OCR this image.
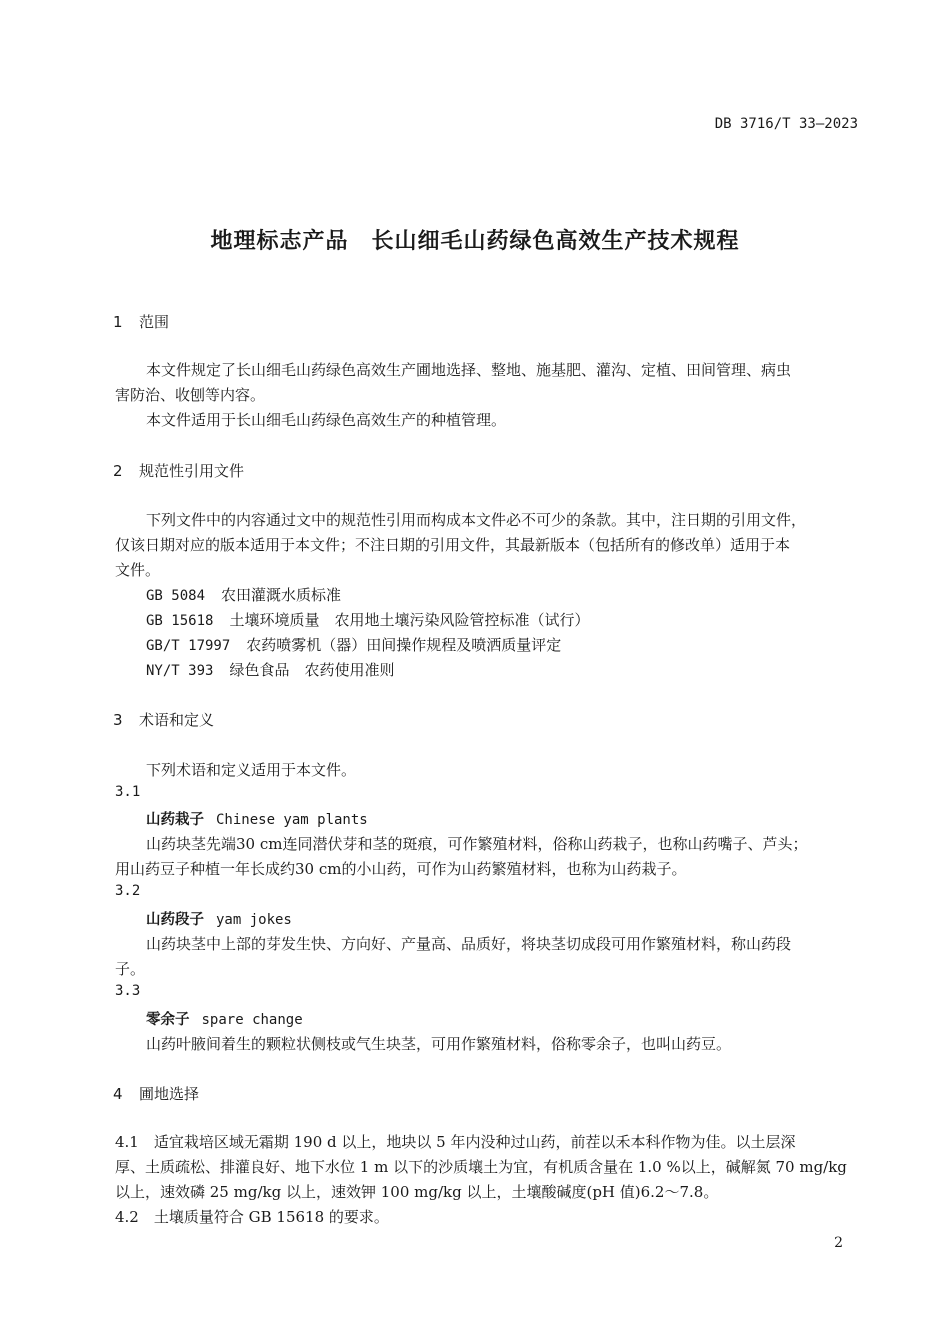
DB 3716/T 33—2023
地理标志产品　长山细毛山药绿色高效生产技术规程
1 范围
本文件规定了长山细毛山药绿色高效生产圃地选择、整地、施基肥、灌沟、定植、田间管理、病虫
害防治、收刨等内容。
本文件适用于长山细毛山药绿色高效生产的种植管理。
2 规范性引用文件
下列文件中的内容通过文中的规范性引用而构成本文件必不可少的条款。其中，注日期的引用文件，
仅该日期对应的版本适用于本文件；不注日期的引用文件，其最新版本（包括所有的修改单）适用于本
文件。
GB 5084 农田灌溉水质标准
GB 15618 土壤环境质量　农用地土壤污染风险管控标准（试行）
GB/T 17997 农药喷雾机（器）田间操作规程及喷洒质量评定
NY/T 393 绿色食品　农药使用准则
3 术语和定义
下列术语和定义适用于本文件。
3.1
山药栽子 Chinese yam plants
山药块茎先端30 cm连同潜伏芽和茎的斑痕，可作繁殖材料，俗称山药栽子，也称山药嘴子、芦头；
用山药豆子种植一年长成约30 cm的小山药，可作为山药繁殖材料，也称为山药栽子。
3.2
山药段子 yam jokes
山药块茎中上部的芽发生快、方向好、产量高、品质好，将块茎切成段可用作繁殖材料，称山药段
子。
3.3
零余子 spare change
山药叶腋间着生的颗粒状侧枝或气生块茎，可用作繁殖材料，俗称零余子，也叫山药豆。
4 圃地选择
4.1　适宜栽培区域无霜期 190 d 以上，地块以 5 年内没种过山药，前茬以禾本科作物为佳。以土层深
厚、土质疏松、排灌良好、地下水位 1 m 以下的沙质壤土为宜，有机质含量在 1.0 %以上，碱解氮 70 mg/kg
以上，速效磷 25 mg/kg 以上，速效钾 100 mg/kg 以上，土壤酸碱度(pH 值)6.2～7.8。
4.2　土壤质量符合 GB 15618 的要求。
2
